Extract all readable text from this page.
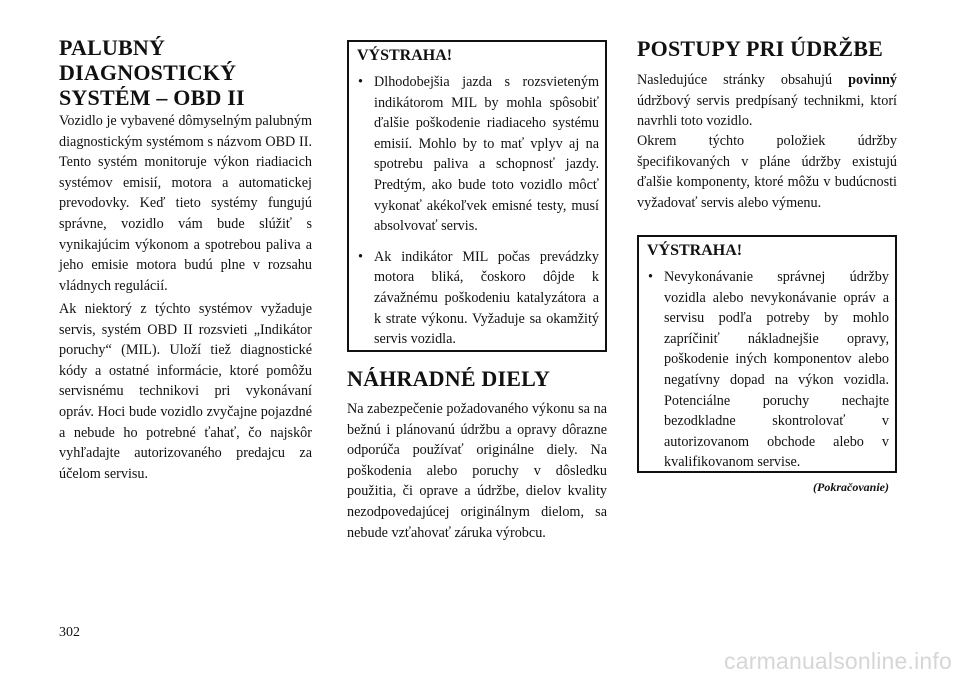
PALUBNÝ DIAGNOSTICKÝ SYSTÉM – OBD II

Vozidlo je vybavené dômyselným palubným diagnostickým systémom s názvom OBD II. Tento systém monitoruje výkon riadiacich systémov emisií, motora a automatickej prevodovky. Keď tieto systémy fungujú správne, vozidlo vám bude slúžiť s vynikajúcim výkonom a spotrebou paliva a jeho emisie motora budú plne v rozsahu vládnych regulácií.

Ak niektorý z týchto systémov vyžaduje servis, systém OBD II rozsvieti „Indikátor poruchy“ (MIL). Uloží tiež diagnostické kódy a ostatné informácie, ktoré pomôžu servisnému technikovi pri vykonávaní opráv. Hoci bude vozidlo zvyčajne pojazdné a nebude ho potrebné ťahať, čo najskôr vyhľadajte autorizovaného predajcu za účelom servisu.

VÝSTRAHA!
• Dlhodobejšia jazda s rozsvieteným indikátorom MIL by mohla spôsobiť ďalšie poškodenie riadiaceho systému emisií. Mohlo by to mať vplyv aj na spotrebu paliva a schopnosť jazdy. Predtým, ako bude toto vozidlo môcť vykonať akékoľvek emisné testy, musí absolvovať servis.
• Ak indikátor MIL počas prevádzky motora bliká, čoskoro dôjde k závažnému poškodeniu katalyzátora a k strate výkonu. Vyžaduje sa okamžitý servis vozidla.
NÁHRADNÉ DIELY

Na zabezpečenie požadovaného výkonu sa na bežnú i plánovanú údržbu a opravy dôrazne odporúča používať originálne diely. Na poškodenia alebo poruchy v dôsledku použitia, či oprave a údržbe, dielov kvality nezodpovedajúcej originálnym dielom, sa nebude vzťahovať záruka výrobcu.

POSTUPY PRI ÚDRŽBE

Nasledujúce stránky obsahujú povinný údržbový servis predpísaný technikmi, ktorí navrhli toto vozidlo.

Okrem týchto položiek údržby špecifikovaných v pláne údržby existujú ďalšie komponenty, ktoré môžu v budúcnosti vyžadovať servis alebo výmenu.

VÝSTRAHA!
• Nevykonávanie správnej údržby vozidla alebo nevykonávanie opráv a servisu podľa potreby by mohlo zapríčiniť nákladnejšie opravy, poškodenie iných komponentov alebo negatívny dopad na výkon vozidla. Potenciálne poruchy nechajte bezodkladne skontrolovať v autorizovanom obchode alebo v kvalifikovanom servise.
(Pokračovanie)
302
carmanualsonline.info
